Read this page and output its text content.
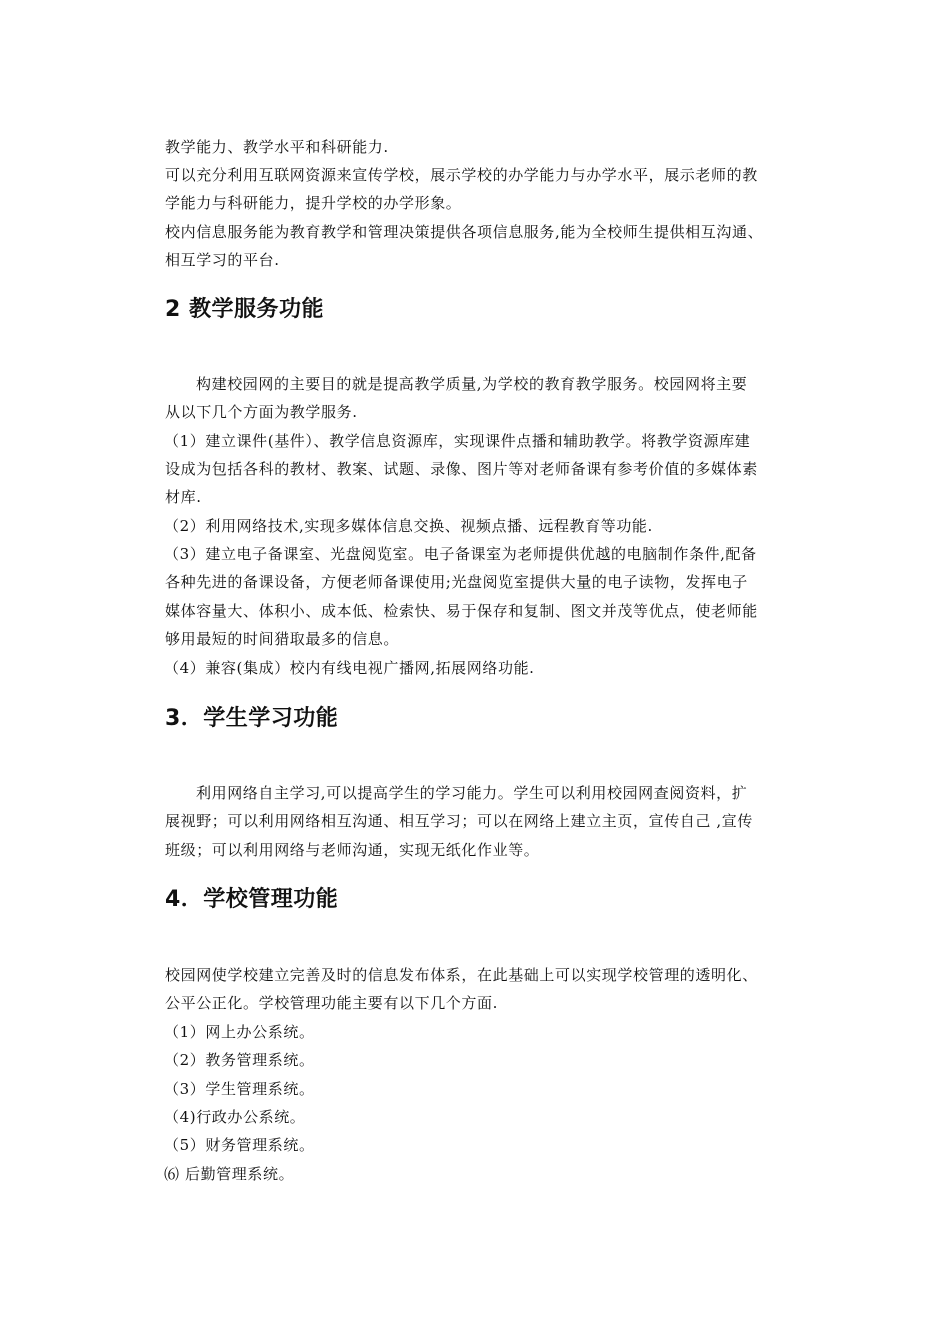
教学能力、教学水平和科研能力.
可以充分利用互联网资源来宣传学校，展示学校的办学能力与办学水平，展示老师的教
学能力与科研能力，提升学校的办学形象。
校内信息服务能为教育教学和管理决策提供各项信息服务,能为全校师生提供相互沟通、
相互学习的平台.
2 教学服务功能
构建校园网的主要目的就是提高教学质量,为学校的教育教学服务。校园网将主要
从以下几个方面为教学服务.
（1）建立课件(基件）、教学信息资源库，实现课件点播和辅助教学。将教学资源库建
设成为包括各科的教材、教案、试题、录像、图片等对老师备课有参考价值的多媒体素
材库.
（2）利用网络技术,实现多媒体信息交换、视频点播、远程教育等功能.
（3）建立电子备课室、光盘阅览室。电子备课室为老师提供优越的电脑制作条件,配备
各种先进的备课设备，方便老师备课使用;光盘阅览室提供大量的电子读物，发挥电子
媒体容量大、体积小、成本低、检索快、易于保存和复制、图文并茂等优点，使老师能
够用最短的时间猎取最多的信息。
（4）兼容(集成）校内有线电视广播网,拓展网络功能.
3．学生学习功能
利用网络自主学习,可以提高学生的学习能力。学生可以利用校园网查阅资料，扩
展视野；可以利用网络相互沟通、相互学习；可以在网络上建立主页，宣传自己 ,宣传
班级；可以利用网络与老师沟通，实现无纸化作业等。
4．学校管理功能
校园网使学校建立完善及时的信息发布体系，在此基础上可以实现学校管理的透明化、
公平公正化。学校管理功能主要有以下几个方面.
（1）网上办公系统。
（2）教务管理系统。
（3）学生管理系统。
（4)行政办公系统。
（5）财务管理系统。
⑹ 后勤管理系统。
